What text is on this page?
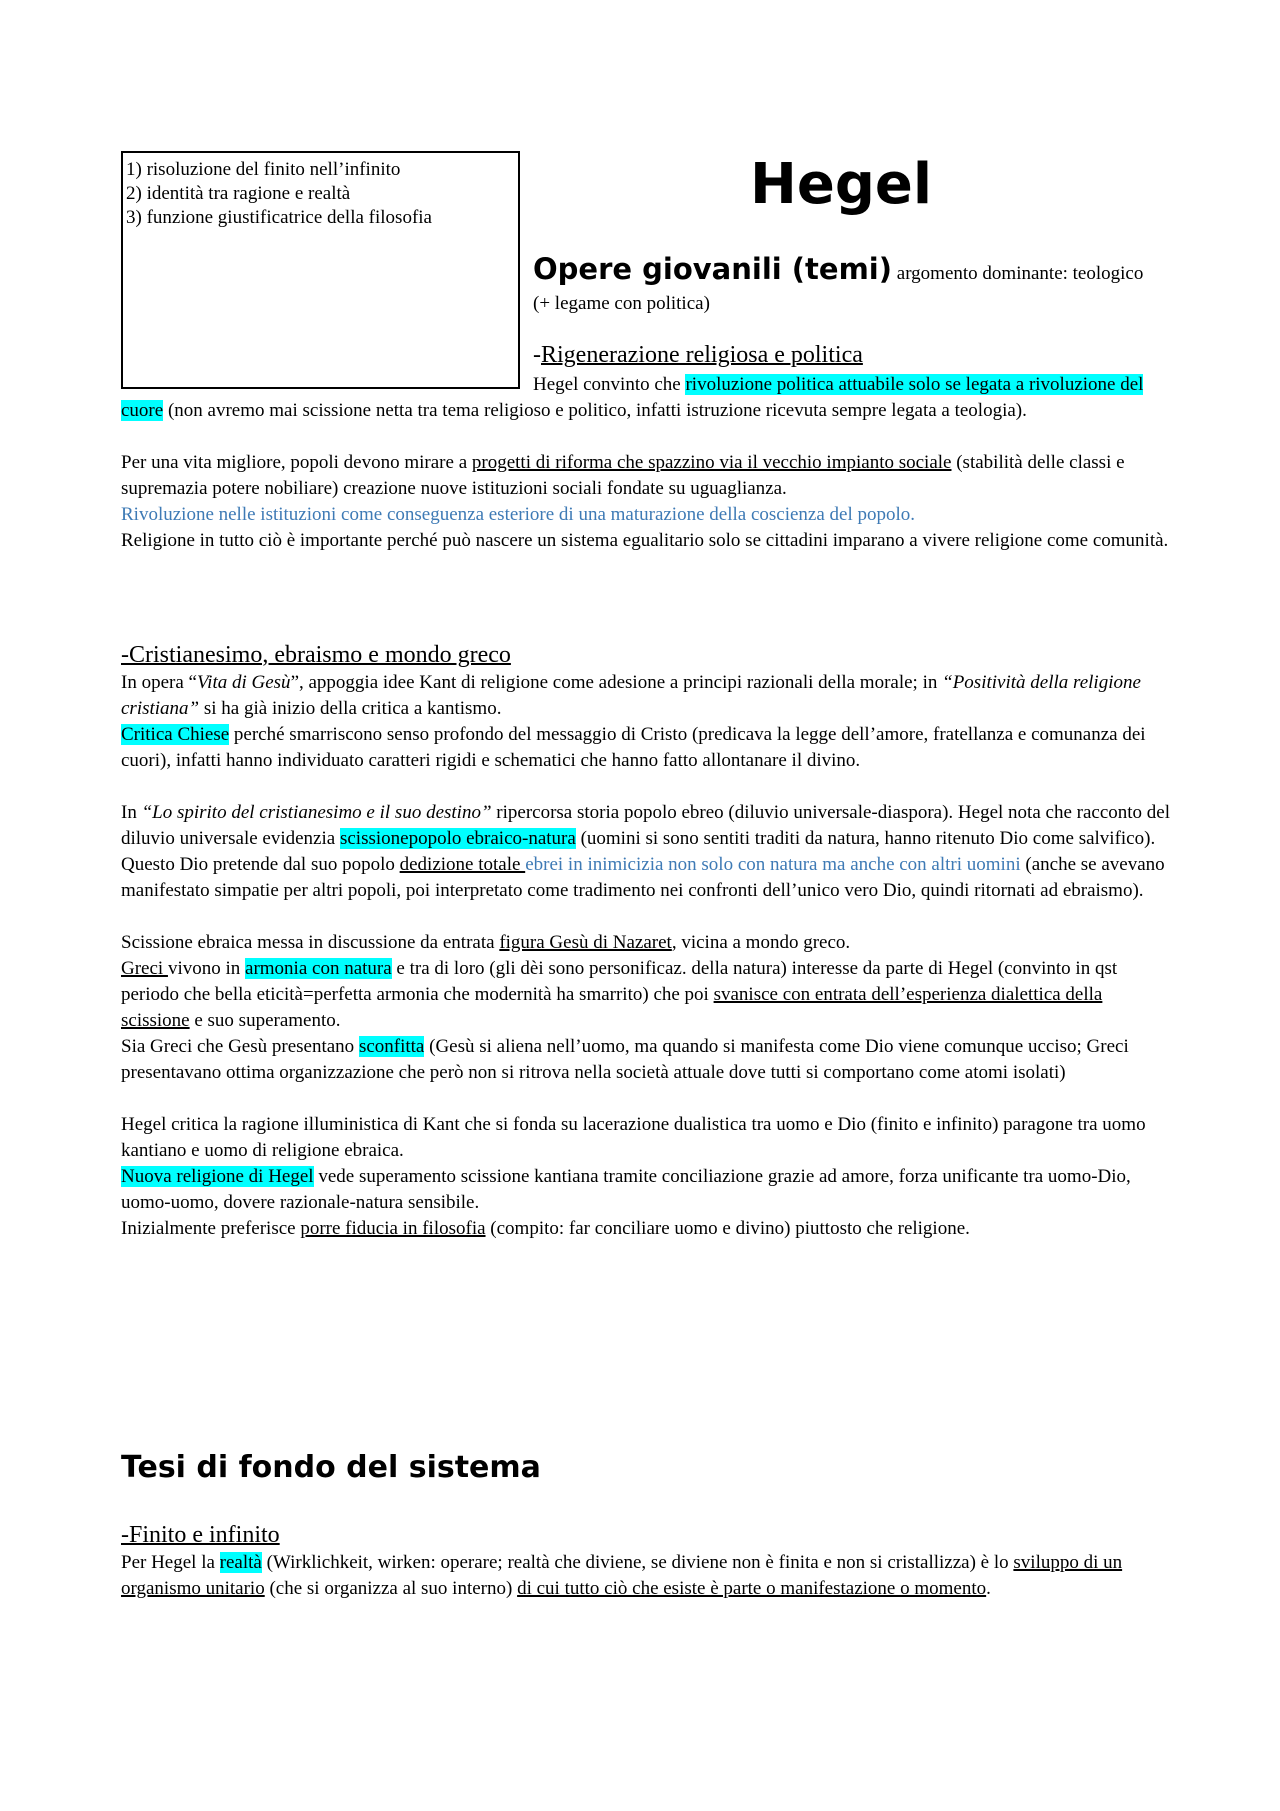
1) risoluzione del finito nell’infinito
2) identità tra ragione e realtà
3) funzione giustificatrice della filosofia
Hegel
Opere giovanili (temi) argomento dominante: teologico (+ legame con politica)
-Rigenerazione religiosa e politica
Hegel convinto che rivoluzione politica attuabile solo se legata a rivoluzione del cuore (non avremo mai scissione netta tra tema religioso e politico, infatti istruzione ricevuta sempre legata a teologia).

Per una vita migliore, popoli devono mirare a progetti di riforma che spazzino via il vecchio impianto sociale (stabilità delle classi e supremazia potere nobiliare) creazione nuove istituzioni sociali fondate su uguaglianza.

Rivoluzione nelle istituzioni come conseguenza esteriore di una maturazione della coscienza del popolo.

Religione in tutto ciò è importante perché può nascere un sistema egualitario solo se cittadini imparano a vivere religione come comunità.

-Cristianesimo, ebraismo e mondo greco

In opera “Vita di Gesù”, appoggia idee Kant di religione come adesione a principi razionali della morale; in “Positività della religione cristiana” si ha già inizio della critica a kantismo.

Critica Chiese perché smarriscono senso profondo del messaggio di Cristo (predicava la legge dell’amore, fratellanza e comunanza dei cuori), infatti hanno individuato caratteri rigidi e schematici che hanno fatto allontanare il divino.

In “Lo spirito del cristianesimo e il suo destino” ripercorsa storia popolo ebreo (diluvio universale-diaspora). Hegel nota che racconto del diluvio universale evidenzia scissionepopolo ebraico-natura (uomini si sono sentiti traditi da natura, hanno ritenuto Dio come salvifico).

Questo Dio pretende dal suo popolo dedizione totale ebrei in inimicizia non solo con natura ma anche con altri uomini (anche se avevano manifestato simpatie per altri popoli, poi interpretato come tradimento nei confronti dell’unico vero Dio, quindi ritornati ad ebraismo).

Scissione ebraica messa in discussione da entrata figura Gesù di Nazaret, vicina a mondo greco.

Greci vivono in armonia con natura e tra di loro (gli dèi sono personificaz. della natura) interesse da parte di Hegel (convinto in qst periodo che bella eticità=perfetta armonia che modernità ha smarrito) che poi svanisce con entrata dell’esperienza dialettica della scissione e suo superamento.

Sia Greci che Gesù presentano sconfitta (Gesù si aliena nell’uomo, ma quando si manifesta come Dio viene comunque ucciso; Greci presentavano ottima organizzazione che però non si ritrova nella società attuale dove tutti si comportano come atomi isolati)

Hegel critica la ragione illuministica di Kant che si fonda su lacerazione dualistica tra uomo e Dio (finito e infinito) paragone tra uomo kantiano e uomo di religione ebraica.

Nuova religione di Hegel vede superamento scissione kantiana tramite conciliazione grazie ad amore, forza unificante tra uomo-Dio, uomo-uomo, dovere razionale-natura sensibile.

Inizialmente preferisce porre fiducia in filosofia (compito: far conciliare uomo e divino) piuttosto che religione.

Tesi di fondo del sistema

-Finito e infinito

Per Hegel la realtà (Wirklichkeit, wirken: operare; realtà che diviene, se diviene non è finita e non si cristallizza) è lo sviluppo di un organismo unitario (che si organizza al suo interno) di cui tutto ciò che esiste è parte o manifestazione o momento.
